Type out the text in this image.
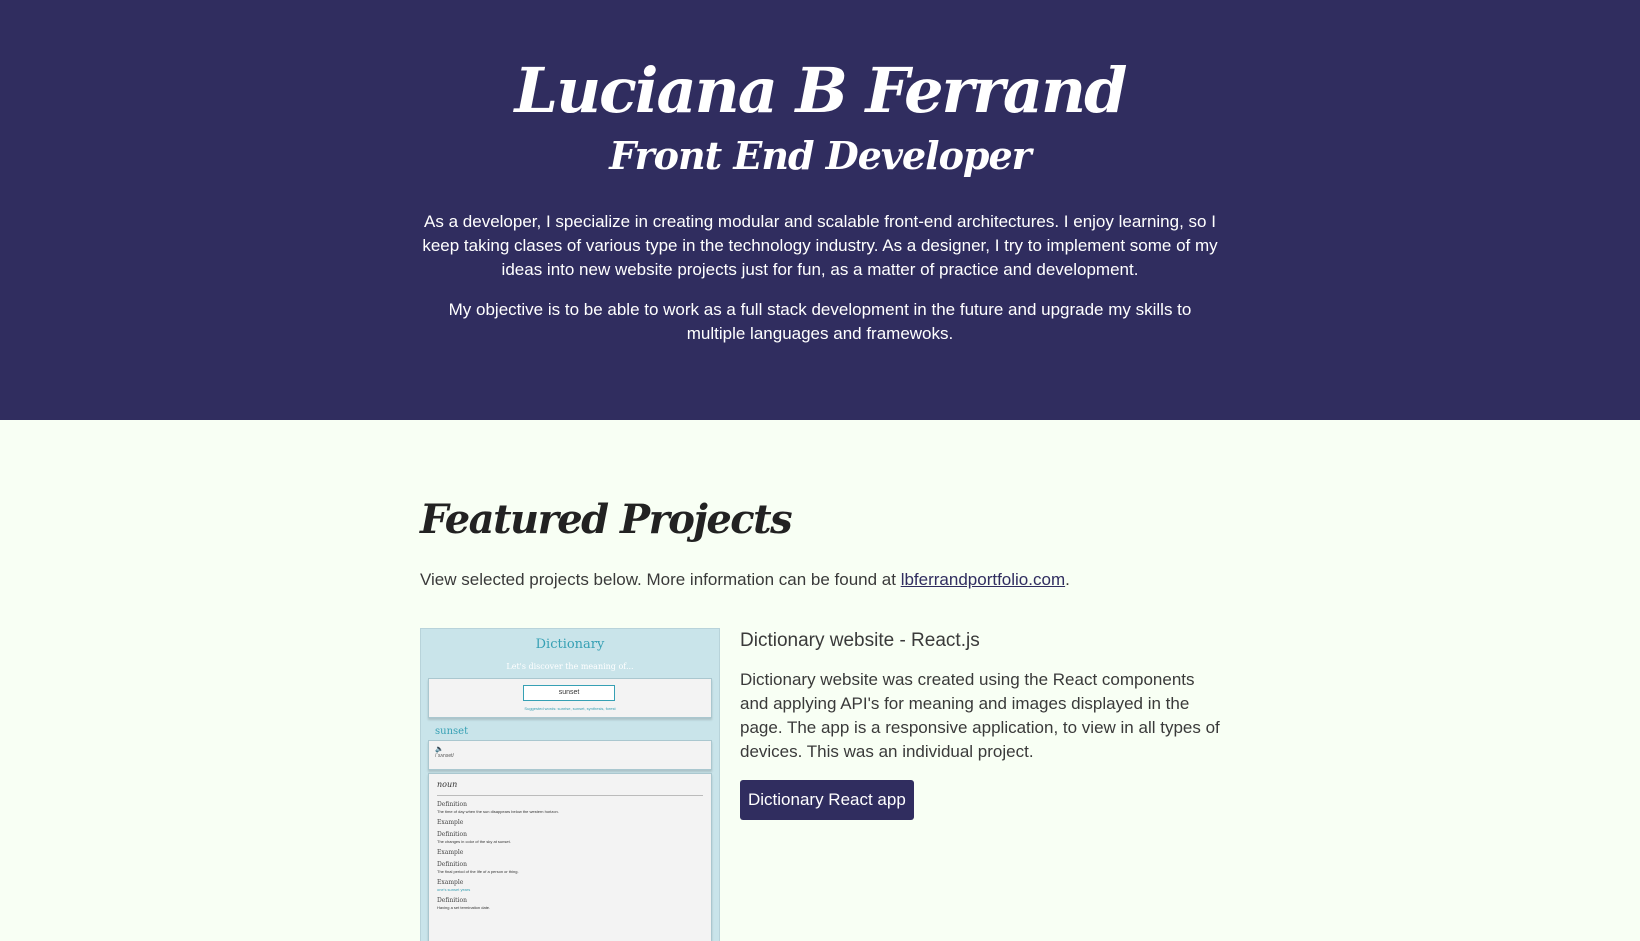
Luciana B Ferrand
Front End Developer

As a developer, I specialize in creating modular and scalable front-end architectures. I enjoy learning, so I keep taking clases of various type in the technology industry. As a designer, I try to implement some of my ideas into new website projects just for fun, as a matter of practice and development.

My objective is to be able to work as a full stack development in the future and upgrade my skills to multiple languages and framewoks.

Featured Projects

View selected projects below. More information can be found at lbferrandportfolio.com.

Dictionary
Let's discover the meaning of...
sunset
Suggested words: sunrise, sunset, synthesis, forest
sunset
🔈
/ˈsʌnset/
noun
Definition
The time of day when the sun disappears below the western horizon.
Example
Definition
The changes in color of the sky at sunset.
Example
Definition
The final period of the life of a person or thing.
Example
one's sunset years
Definition
Having a set termination date.
Dictionary website - React.js

Dictionary website was created using the React components and applying API's for meaning and images displayed in the page. The app is a responsive application, to view in all types of devices. This was an individual project.

Dictionary React app
